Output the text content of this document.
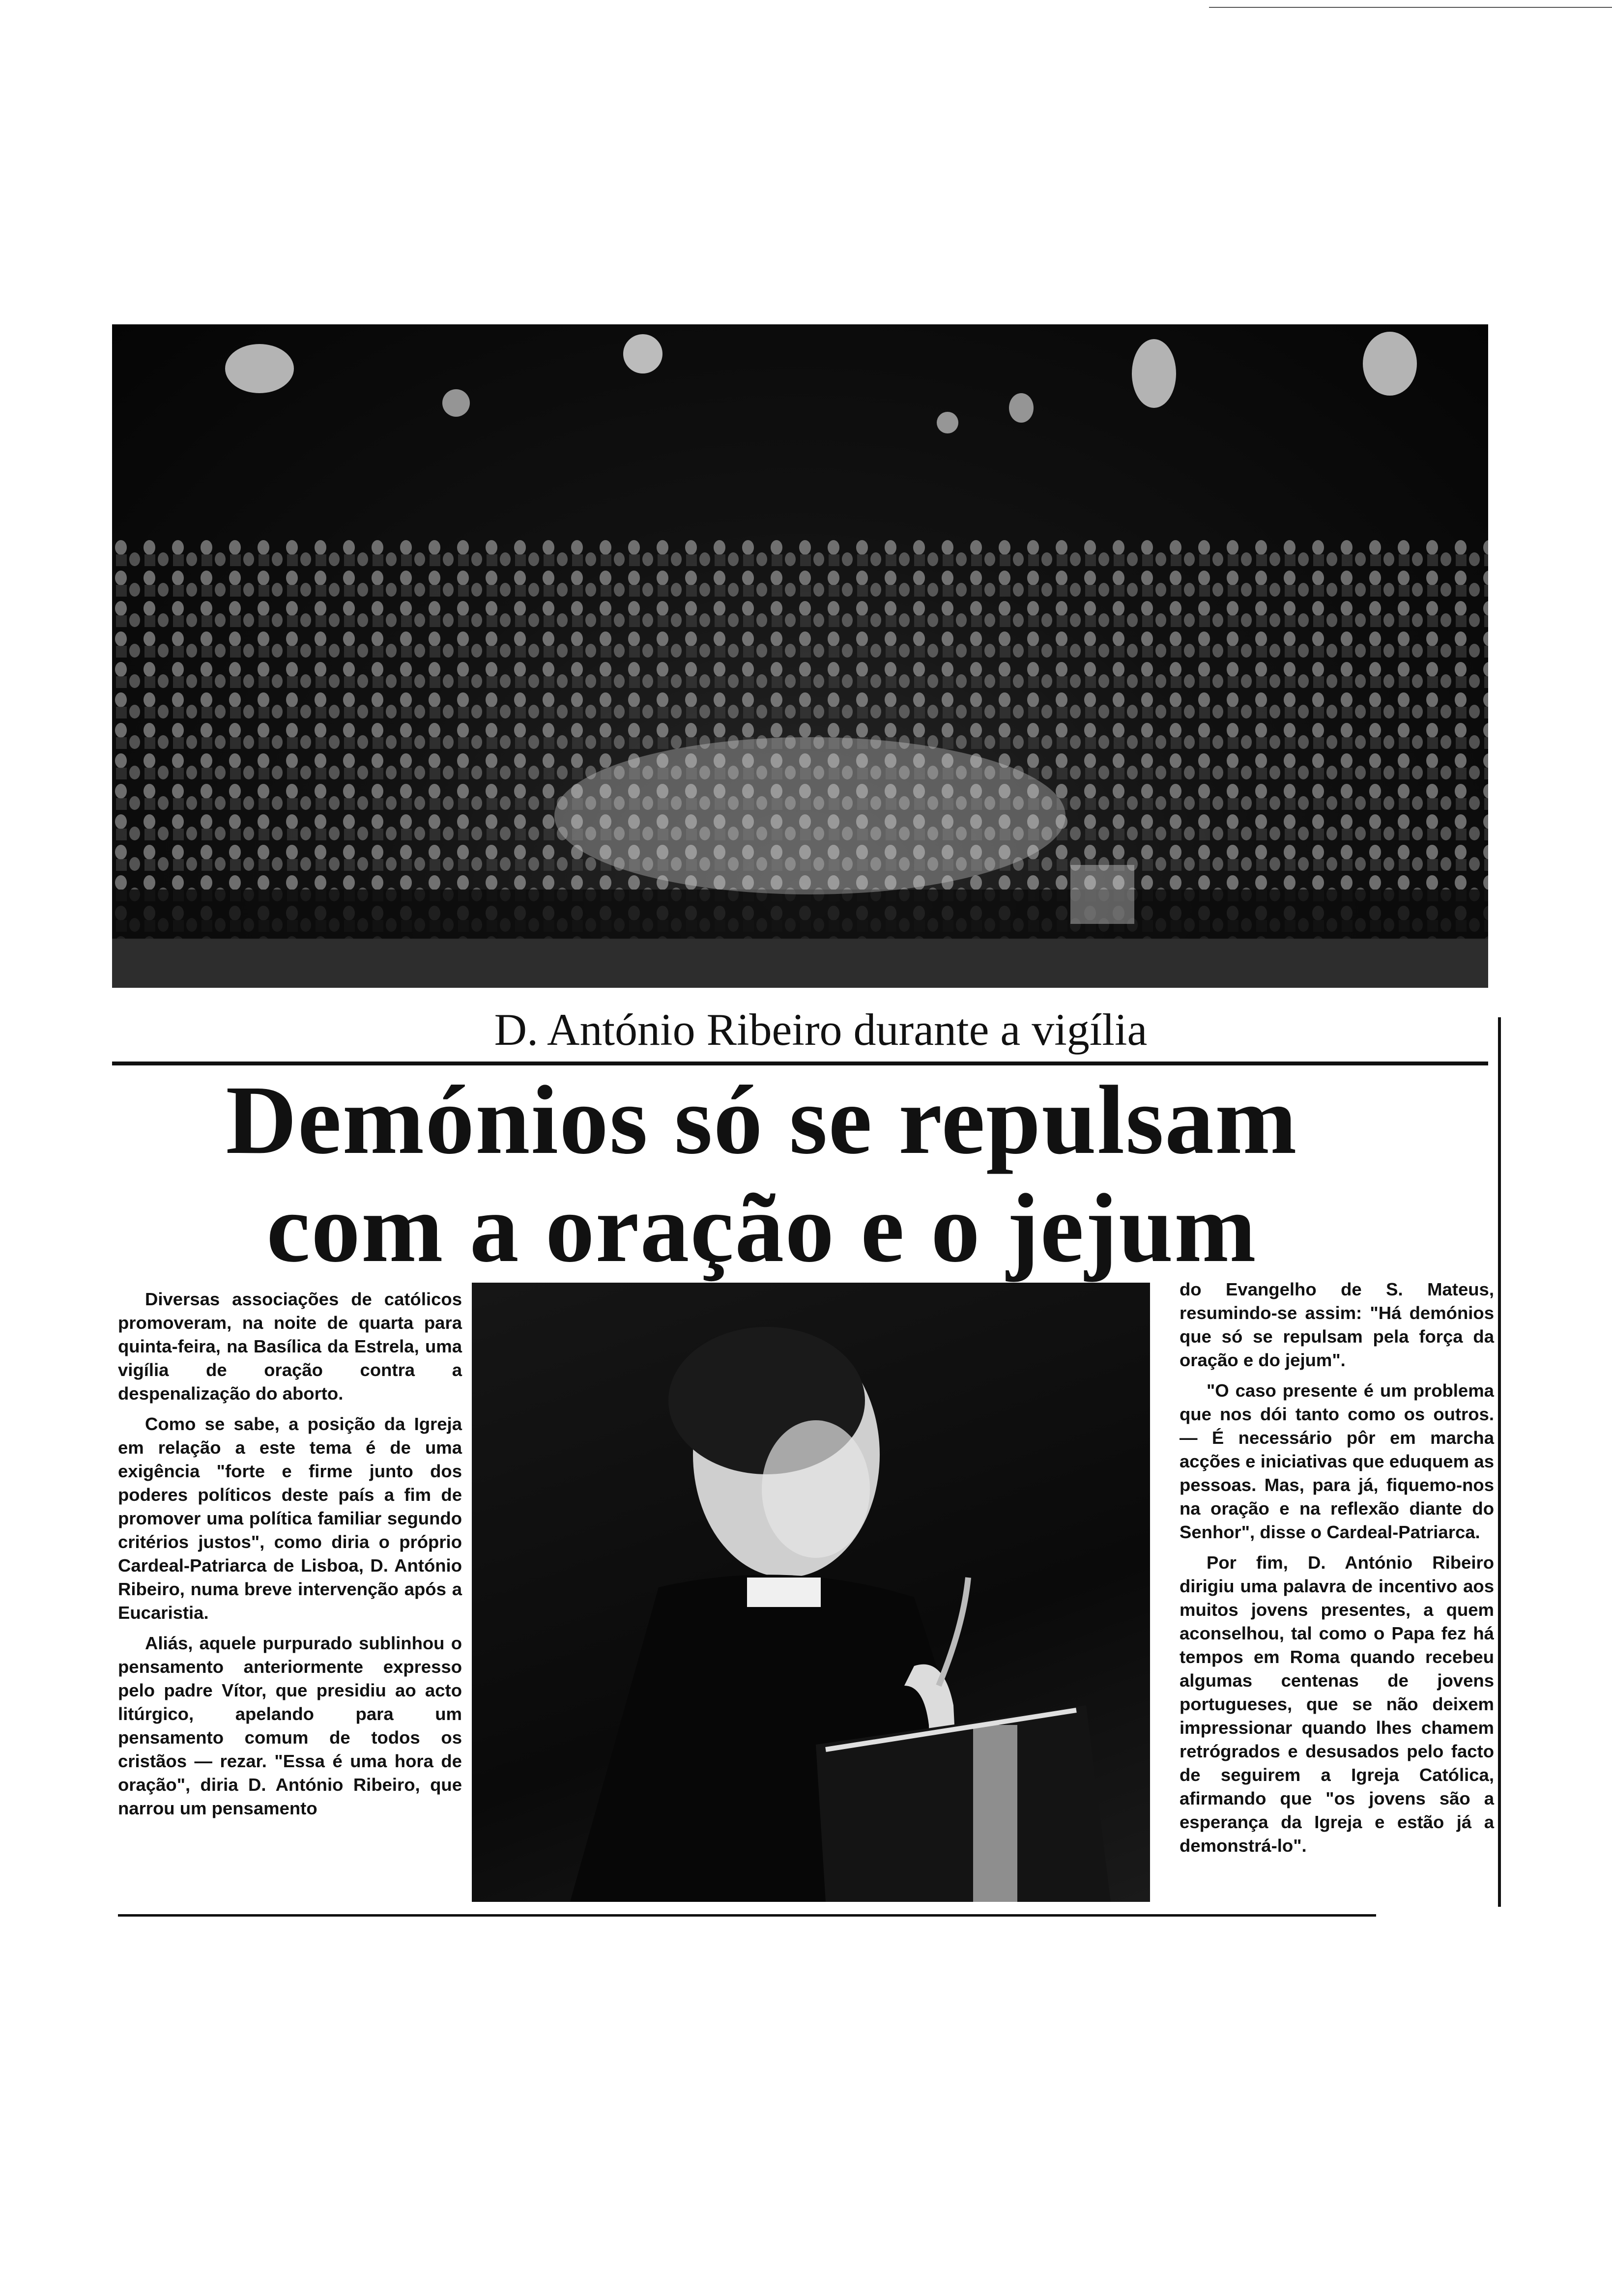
D. António Ribeiro durante a vigília
Demónios só se repulsam
com a oração e o jejum

Diversas associações de católicos promoveram, na noite de quarta para quinta-feira, na Basílica da Estrela, uma vigília de oração contra a despenalização do aborto.

Como se sabe, a posição da Igreja em relação a este tema é de uma exigência "forte e firme junto dos poderes políticos deste país a fim de promover uma política familiar segundo critérios justos", como diria o próprio Cardeal-Patriarca de Lisboa, D. António Ribeiro, numa breve intervenção após a Eucaristia.

Aliás, aquele purpurado sublinhou o pensamento anteriormente expresso pelo padre Vítor, que presidiu ao acto litúrgico, apelando para um pensamento comum de todos os cristãos — rezar. "Essa é uma hora de oração", diria D. António Ribeiro, que narrou um pensamento

do Evangelho de S. Mateus, resumindo-se assim: "Há demónios que só se repulsam pela força da oração e do jejum".

"O caso presente é um problema que nos dói tanto como os outros. — É necessário pôr em marcha acções e iniciativas que eduquem as pessoas. Mas, para já, fiquemo-nos na oração e na reflexão diante do Senhor", disse o Cardeal-Patriarca.

Por fim, D. António Ribeiro dirigiu uma palavra de incentivo aos muitos jovens presentes, a quem aconselhou, tal como o Papa fez há tempos em Roma quando recebeu algumas centenas de jovens portugueses, que se não deixem impressionar quando lhes chamem retrógrados e desusados pelo facto de seguirem a Igreja Católica, afirmando que "os jovens são a esperança da Igreja e estão já a demonstrá-lo".
